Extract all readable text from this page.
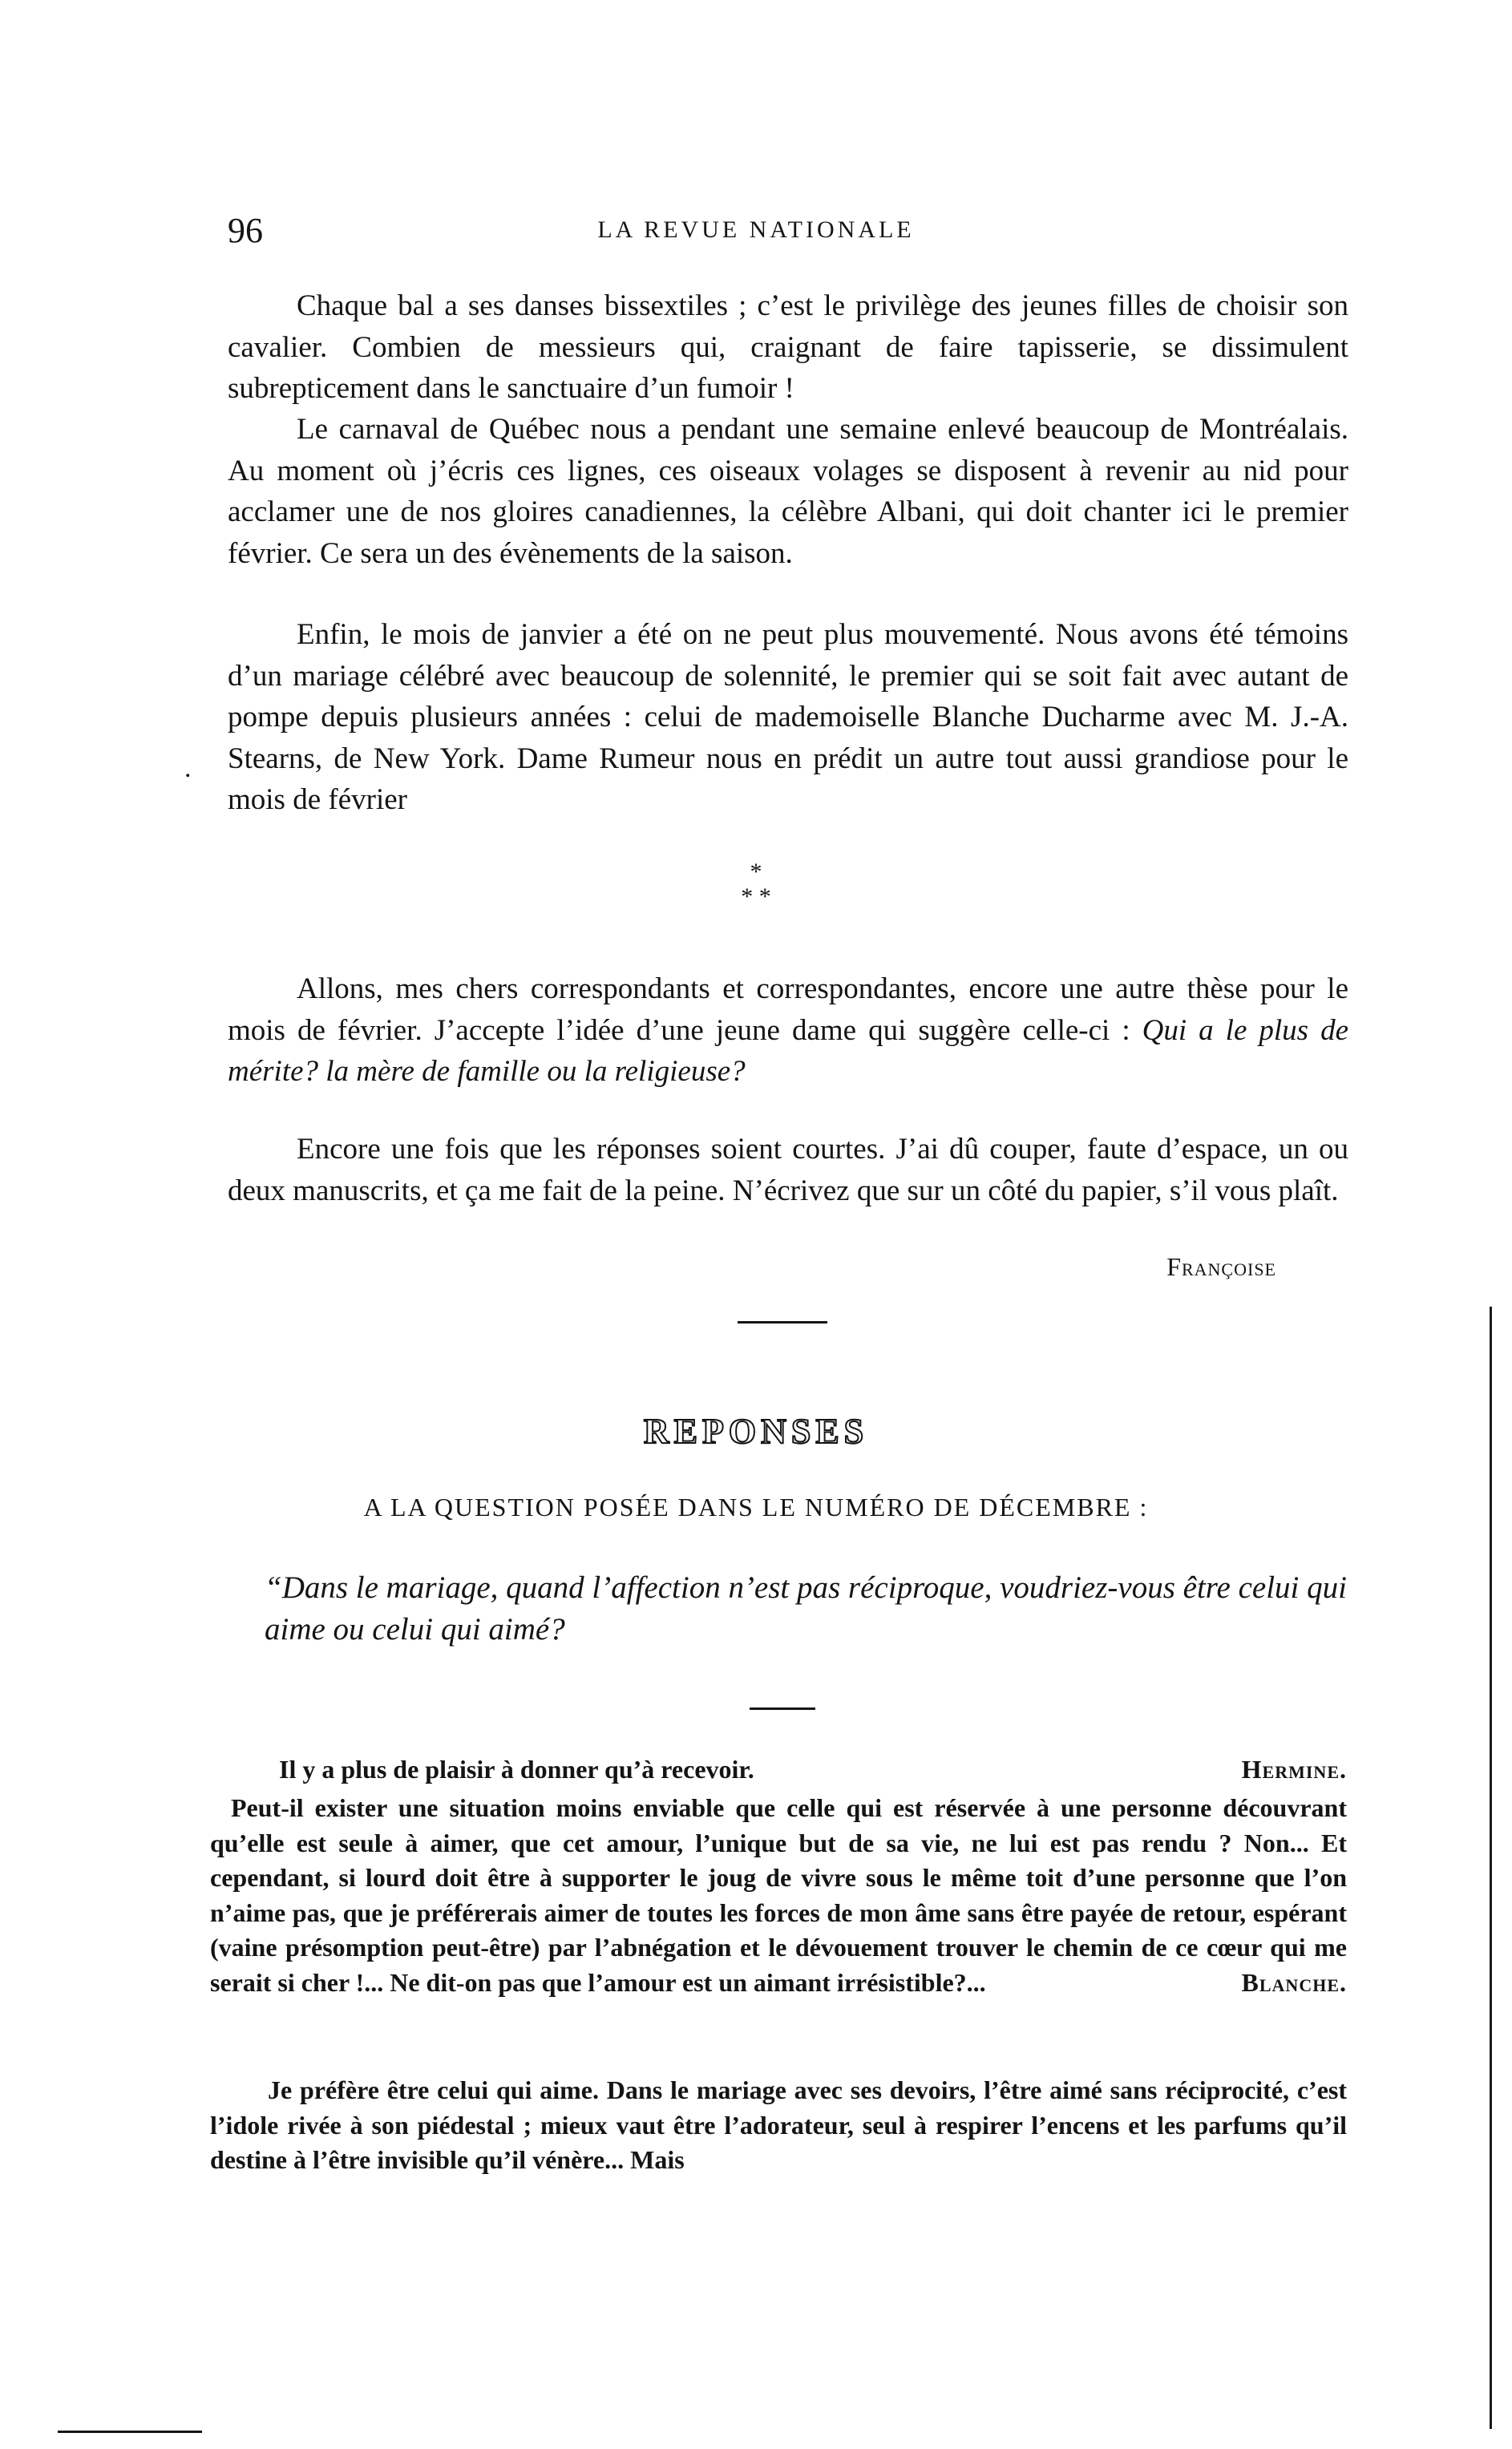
96	LA REVUE NATIONALE
Chaque bal a ses danses bissextiles ; c’est le privilège des jeunes filles de choisir son cavalier. Combien de messieurs qui, craignant de faire tapisserie, se dissimulent subrepticement dans le sanctuaire d’un fumoir !
Le carnaval de Québec nous a pendant une semaine enlevé beaucoup de Montréalais. Au moment où j’écris ces lignes, ces oiseaux volages se disposent à revenir au nid pour acclamer une de nos gloires canadiennes, la célèbre Albani, qui doit chanter ici le premier février. Ce sera un des évènements de la saison.
Enfin, le mois de janvier a été on ne peut plus mouvementé. Nous avons été témoins d’un mariage célébré avec beaucoup de solennité, le premier qui se soit fait avec autant de pompe depuis plusieurs années : celui de mademoiselle Blanche Ducharme avec M. J.-A. Stearns, de New York. Dame Rumeur nous en prédit un autre tout aussi grandiose pour le mois de février
.
*
* *
Allons, mes chers correspondants et correspondantes, encore une autre thèse pour le mois de février. J’accepte l’idée d’une jeune dame qui suggère celle-ci : Qui a le plus de mérite? la mère de famille ou la religieuse?
Encore une fois que les réponses soient courtes. J’ai dû couper, faute d’espace, un ou deux manuscrits, et ça me fait de la peine. N’écrivez que sur un côté du papier, s’il vous plaît.
Françoise
REPONSES
A LA QUESTION POSÉE DANS LE NUMÉRO DE DÉCEMBRE :
“Dans le mariage, quand l’affection n’est pas réciproque, voudriez-vous être celui qui aime ou celui qui aimé?
Il y a plus de plaisir à donner qu’à recevoir.	Hermine.
Peut-il exister une situation moins enviable que celle qui est réservée à une personne découvrant qu’elle est seule à aimer, que cet amour, l’unique but de sa vie, ne lui est pas rendu ? Non... Et cependant, si lourd doit être à supporter le joug de vivre sous le même toit d’une personne que l’on n’aime pas, que je préférerais aimer de toutes les forces de mon âme sans être payée de retour, espérant (vaine présomption peut-être) par l’abnégation et le dévouement trouver le chemin de ce cœur qui me serait si cher !... Ne dit-on pas que l’amour est un aimant irrésistible?...	Blanche.
Je préfère être celui qui aime. Dans le mariage avec ses devoirs, l’être aimé sans réciprocité, c’est l’idole rivée à son piédestal ; mieux vaut être l’adorateur, seul à respirer l’encens et les parfums qu’il destine à l’être invisible qu’il vénère... Mais
